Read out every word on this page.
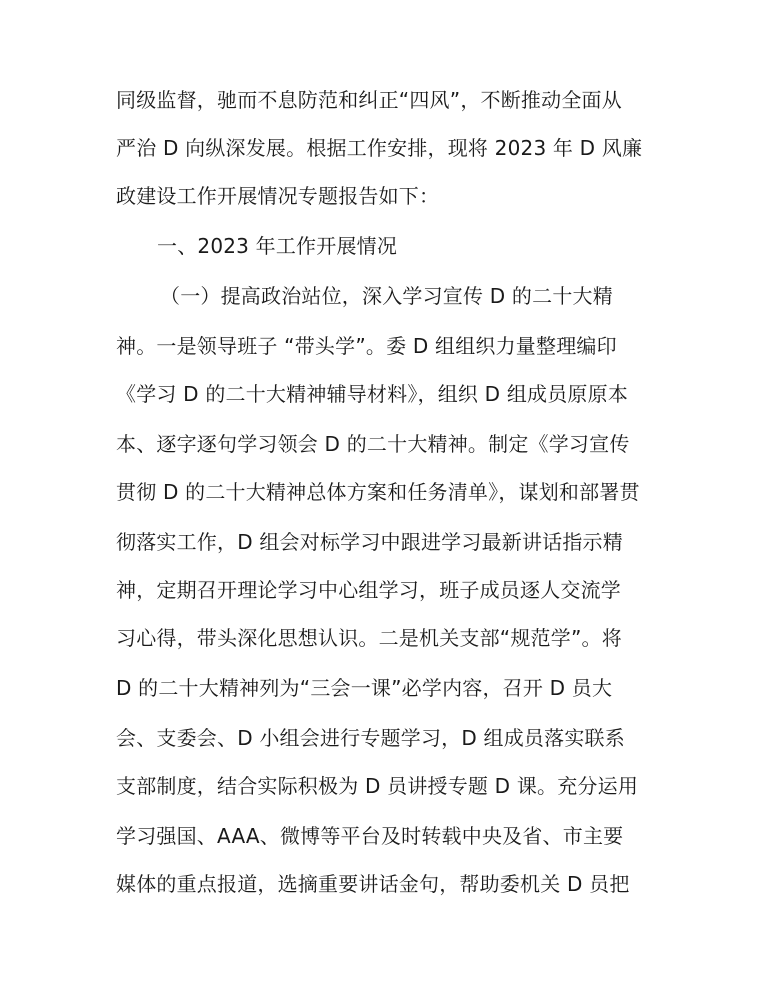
同级监督，驰而不息防范和纠正“四风”，不断推动全面从
严治 D 向纵深发展。根据工作安排，现将 2023 年 D 风廉
政建设工作开展情况专题报告如下：
一、2023 年工作开展情况
（一）提高政治站位，深入学习宣传 D 的二十大精
神。一是领导班子 “带头学”。委 D 组组织力量整理编印
《学习 D 的二十大精神辅导材料》，组织 D 组成员原原本
本、逐字逐句学习领会 D 的二十大精神。制定《学习宣传
贯彻 D 的二十大精神总体方案和任务清单》，谋划和部署贯
彻落实工作，D 组会对标学习中跟进学习最新讲话指示精
神，定期召开理论学习中心组学习，班子成员逐人交流学
习心得，带头深化思想认识。二是机关支部“规范学”。将
D 的二十大精神列为“三会一课”必学内容，召开 D 员大
会、支委会、D 小组会进行专题学习，D 组成员落实联系
支部制度，结合实际积极为 D 员讲授专题 D 课。充分运用
学习强国、AAA、微博等平台及时转载中央及省、市主要
媒体的重点报道，选摘重要讲话金句，帮助委机关 D 员把
